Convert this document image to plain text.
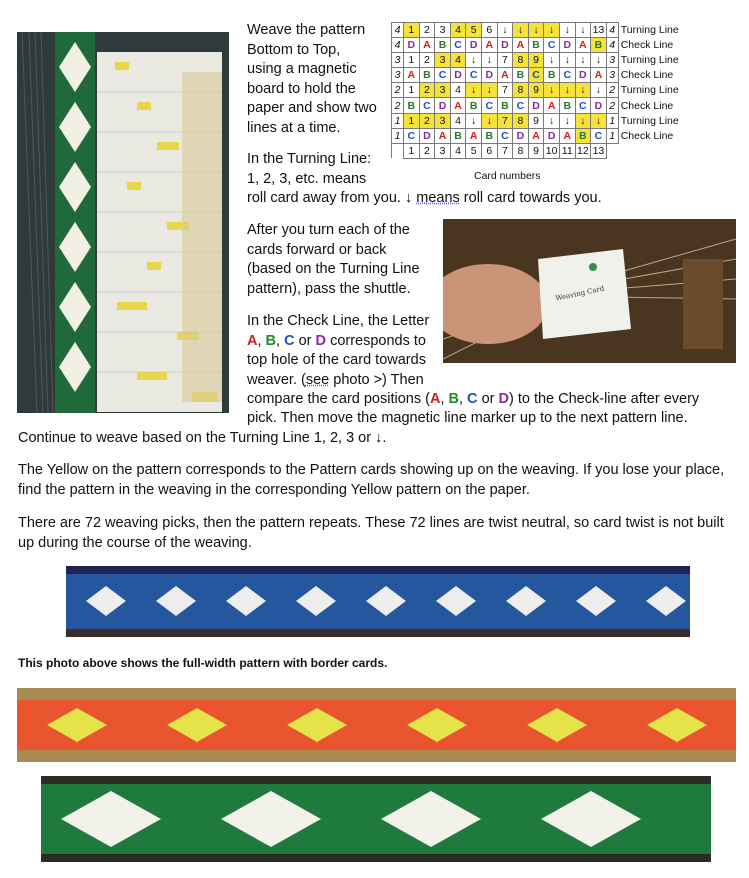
Weaving Card
Weave the pattern
Bottom to Top,
using a magnetic
board to hold the
paper and show two
lines at a time.
In the Turning Line:
1, 2, 3, etc. means
roll card away from you. ↓ means roll card towards you.
After you turn each of the
cards forward or back
(based on the Turning Line
pattern), pass the shuttle.
In the Check Line, the Letter
A, B, C or D corresponds to
top hole of the card towards
weaver. (see photo >) Then
compare the card positions (A, B, C or D) to the Check-line after every
pick. Then move the magnetic line marker up to the next pattern line.
Continue to weave based on the Turning Line 1, 2, 3 or ↓.
The Yellow on the pattern corresponds to the Pattern cards showing up on the weaving. If you lose your place,
find the pattern in the weaving in the corresponding Yellow pattern on the paper.
There are 72 weaving picks, then the pattern repeats. These 72 lines are twist neutral, so card twist is not built
up during the course of the weaving.
This photo above shows the full-width pattern with border cards.
4	1	2	3	4	5	6	↓	↓	↓	↓	↓	↓	13	4	Turning Line
4	D	A	B	C	D	A	D	A	B	C	D	A	B	4	Check Line
3	1	2	3	4	↓	↓	7	8	9	↓	↓	↓	↓	3	Turning Line
3	A	B	C	D	C	D	A	B	C	B	C	D	A	3	Check Line
2	1	2	3	4	↓	↓	7	8	9	↓	↓	↓	↓	2	Turning Line
2	B	C	D	A	B	C	B	C	D	A	B	C	D	2	Check Line
1	1	2	3	4	↓	↓	7	8	9	↓	↓	↓	↓	1	Turning Line
1	C	D	A	B	A	B	C	D	A	D	A	B	C	1	Check Line
	1	2	3	4	5	6	7	8	9	10	11	12	13		
Card numbers
